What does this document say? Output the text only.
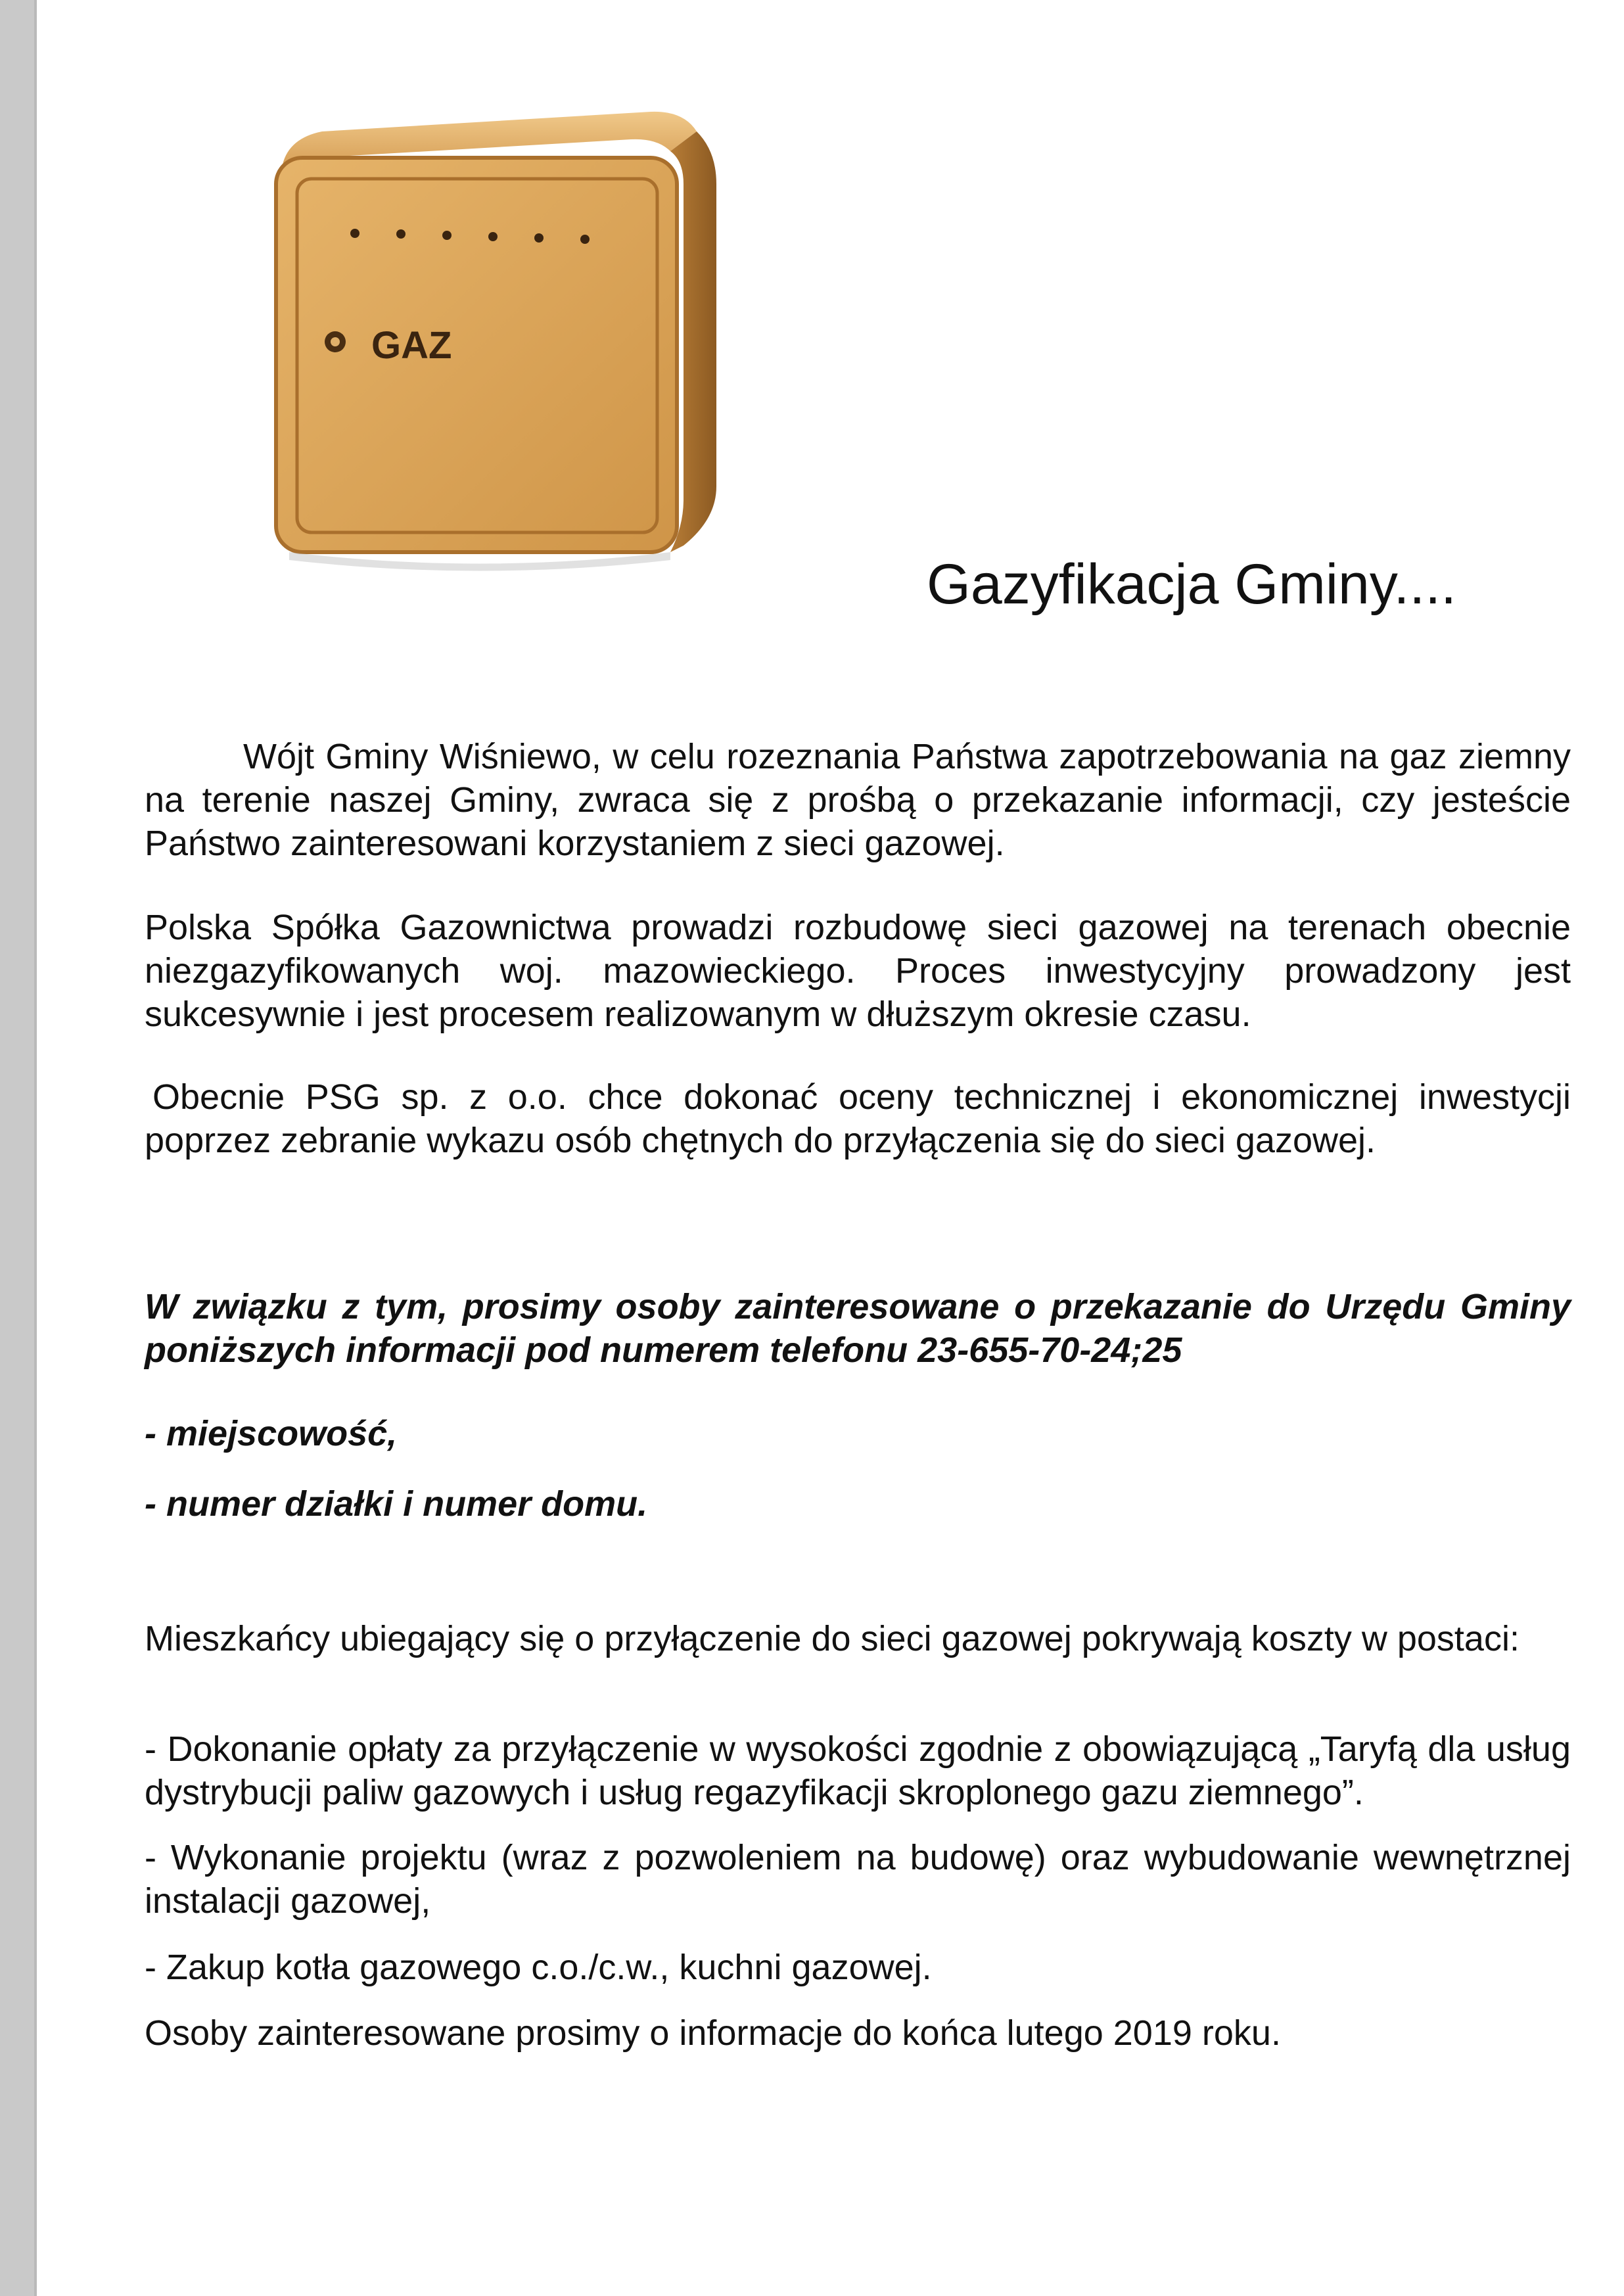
GAZ
Gazyfikacja Gminy....

Wójt Gminy Wiśniewo, w celu rozeznania Państwa zapotrzebowania na gaz ziemny na terenie naszej Gminy, zwraca się z prośbą o przekazanie informacji, czy jesteście Państwo zainteresowani korzystaniem z sieci gazowej.

Polska Spółka Gazownictwa prowadzi rozbudowę sieci gazowej na terenach obecnie niezgazyfikowanych woj. mazowieckiego. Proces inwestycyjny prowadzony jest sukcesywnie i jest procesem realizowanym w dłuższym okresie czasu.

Obecnie PSG sp. z o.o. chce dokonać oceny technicznej i ekonomicznej inwestycji poprzez zebranie wykazu osób chętnych do przyłączenia się do sieci gazowej.

W związku z tym, prosimy osoby zainteresowane o przekazanie do Urzędu Gminy poniższych informacji pod numerem telefonu 23-655-70-24;25

- miejscowość,

- numer działki i numer domu.

Mieszkańcy ubiegający się o przyłączenie do sieci gazowej pokrywają koszty w postaci:

- Dokonanie opłaty za przyłączenie w wysokości zgodnie z obowiązującą „Taryfą dla usług dystrybucji paliw gazowych i usług regazyfikacji skroplonego gazu ziemnego”.

- Wykonanie projektu (wraz z pozwoleniem na budowę) oraz wybudowanie wewnętrznej instalacji gazowej,

- Zakup kotła gazowego c.o./c.w., kuchni gazowej.

Osoby zainteresowane prosimy o informacje do końca lutego 2019 roku.
